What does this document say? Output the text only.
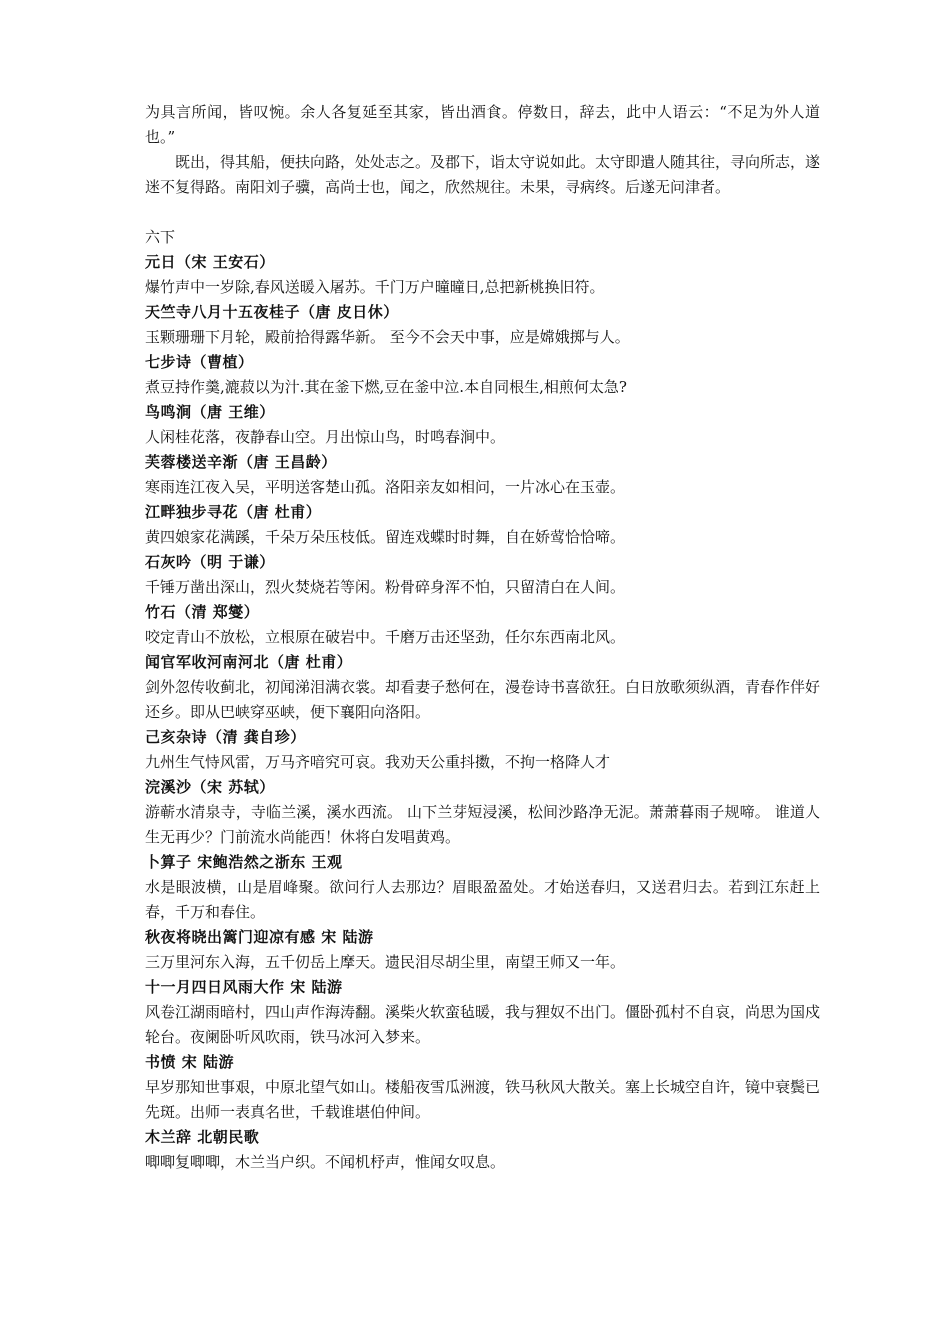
为具言所闻，皆叹惋。余人各复延至其家，皆出酒食。停数日，辞去，此中人语云：“不足为外人道也。”

既出，得其船，便扶向路，处处志之。及郡下，诣太守说如此。太守即遣人随其往，寻向所志，遂迷不复得路。南阳刘子骥，高尚士也，闻之，欣然规往。未果，寻病终。后遂无问津者。

六下

元日（宋 王安石）

爆竹声中一岁除,春风送暖入屠苏。千门万户曈曈日,总把新桃换旧符。

天竺寺八月十五夜桂子（唐 皮日休）

玉颗珊珊下月轮，殿前拾得露华新。 至今不会天中事，应是嫦娥掷与人。

七步诗（曹植）

煮豆持作羹,漉菽以为汁.萁在釜下燃,豆在釜中泣.本自同根生,相煎何太急?

鸟鸣涧（唐 王维）

人闲桂花落，夜静春山空。月出惊山鸟，时鸣春涧中。

芙蓉楼送辛渐（唐 王昌龄）

寒雨连江夜入吴，平明送客楚山孤。洛阳亲友如相问，一片冰心在玉壶。

江畔独步寻花（唐 杜甫）

黄四娘家花满蹊，千朵万朵压枝低。留连戏蝶时时舞，自在娇莺恰恰啼。

石灰吟（明 于谦）

千锤万凿出深山，烈火焚烧若等闲。粉骨碎身浑不怕，只留清白在人间。

竹石（清 郑燮）

咬定青山不放松，立根原在破岩中。千磨万击还坚劲，任尔东西南北风。

闻官军收河南河北（唐 杜甫）

剑外忽传收蓟北，初闻涕泪满衣裳。却看妻子愁何在，漫卷诗书喜欲狂。白日放歌须纵酒，青春作伴好还乡。即从巴峡穿巫峡，便下襄阳向洛阳。

己亥杂诗（清 龚自珍）

九州生气恃风雷，万马齐喑究可哀。我劝天公重抖擞，不拘一格降人才

浣溪沙（宋 苏轼）

游蕲水清泉寺，寺临兰溪，溪水西流。 山下兰芽短浸溪，松间沙路净无泥。萧萧暮雨子规啼。 谁道人生无再少？门前流水尚能西！休将白发唱黄鸡。

卜算子 宋鲍浩然之浙东 王观

水是眼波横，山是眉峰聚。欲问行人去那边？眉眼盈盈处。才始送春归，又送君归去。若到江东赶上春，千万和春住。

秋夜将晓出篱门迎凉有感 宋 陆游

三万里河东入海，五千仞岳上摩天。遗民泪尽胡尘里，南望王师又一年。

十一月四日风雨大作 宋 陆游

风卷江湖雨暗村，四山声作海涛翻。溪柴火软蛮毡暖，我与狸奴不出门。僵卧孤村不自哀，尚思为国戍轮台。夜阑卧听风吹雨，铁马冰河入梦来。

书愤 宋 陆游

早岁那知世事艰，中原北望气如山。楼船夜雪瓜洲渡，铁马秋风大散关。塞上长城空自许，镜中衰鬓已先斑。出师一表真名世，千载谁堪伯仲间。

木兰辞 北朝民歌

唧唧复唧唧，木兰当户织。不闻机杼声，惟闻女叹息。
